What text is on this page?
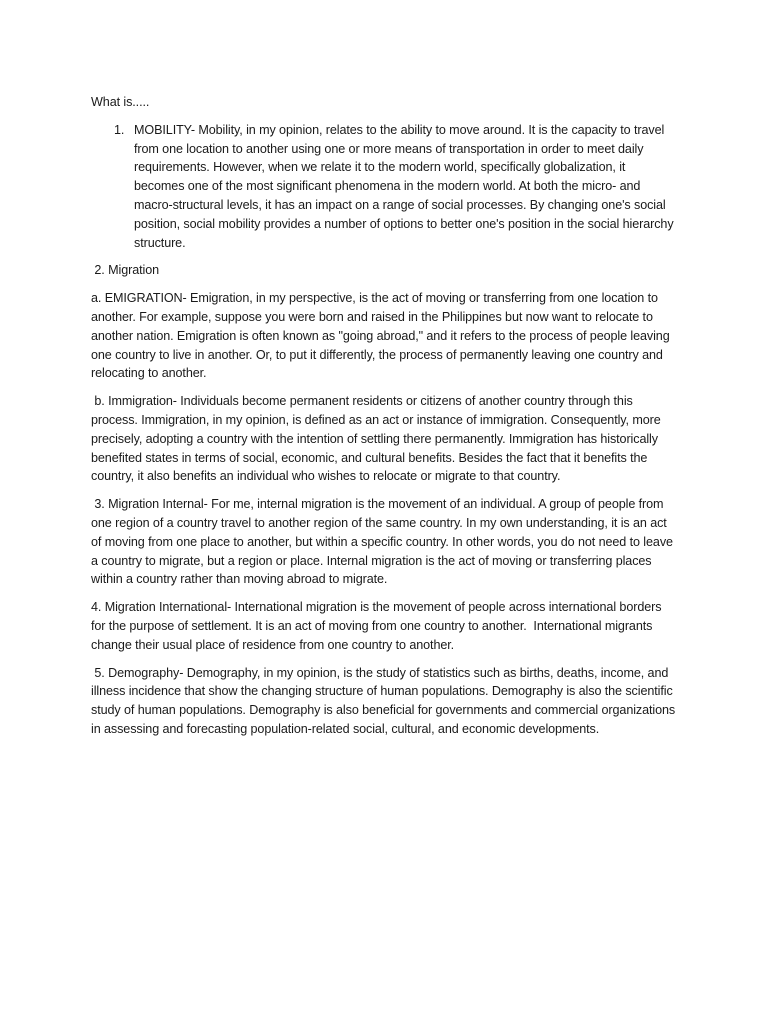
What is.....

1. MOBILITY- Mobility, in my opinion, relates to the ability to move around. It is the capacity to travel from one location to another using one or more means of transportation in order to meet daily requirements. However, when we relate it to the modern world, specifically globalization, it becomes one of the most significant phenomena in the modern world. At both the micro- and macro-structural levels, it has an impact on a range of social processes. By changing one's social position, social mobility provides a number of options to better one's position in the social hierarchy structure.

2. Migration

a. EMIGRATION- Emigration, in my perspective, is the act of moving or transferring from one location to another. For example, suppose you were born and raised in the Philippines but now want to relocate to another nation. Emigration is often known as "going abroad," and it refers to the process of people leaving one country to live in another. Or, to put it differently, the process of permanently leaving one country and relocating to another.

b. Immigration- Individuals become permanent residents or citizens of another country through this process. Immigration, in my opinion, is defined as an act or instance of immigration. Consequently, more precisely, adopting a country with the intention of settling there permanently. Immigration has historically benefited states in terms of social, economic, and cultural benefits. Besides the fact that it benefits the country, it also benefits an individual who wishes to relocate or migrate to that country.

3. Migration Internal- For me, internal migration is the movement of an individual. A group of people from one region of a country travel to another region of the same country. In my own understanding, it is an act of moving from one place to another, but within a specific country. In other words, you do not need to leave a country to migrate, but a region or place. Internal migration is the act of moving or transferring places within a country rather than moving abroad to migrate.

4. Migration International- International migration is the movement of people across international borders for the purpose of settlement. It is an act of moving from one country to another.  International migrants change their usual place of residence from one country to another.

5. Demography- Demography, in my opinion, is the study of statistics such as births, deaths, income, and illness incidence that show the changing structure of human populations. Demography is also the scientific study of human populations. Demography is also beneficial for governments and commercial organizations in assessing and forecasting population-related social, cultural, and economic developments.
